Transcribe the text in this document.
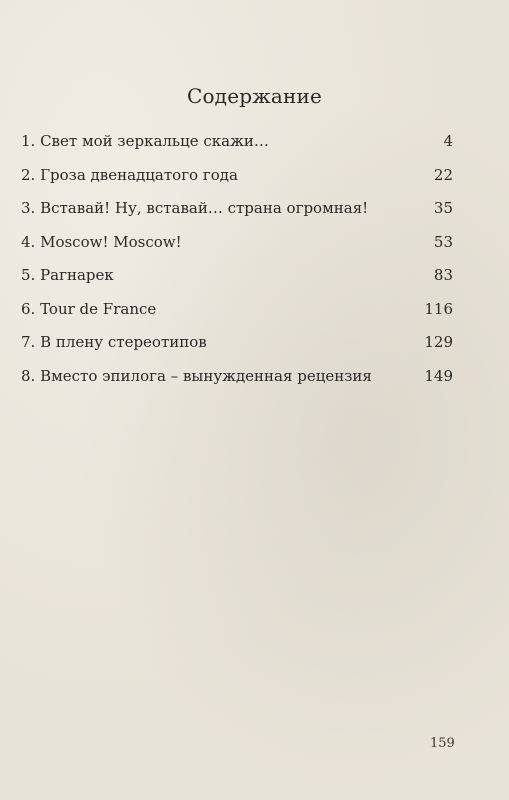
Содержание
1. Свет мой зеркальце скажи…	4
2. Гроза двенадцатого года	22
3. Вставай! Ну, вставай… страна огромная!	35
4. Moscow! Moscow!	53
5. Рагнарек	83
6. Tour de France	116
7. В плену стереотипов	129
8. Вместо эпилога – вынужденная рецензия	149
159
